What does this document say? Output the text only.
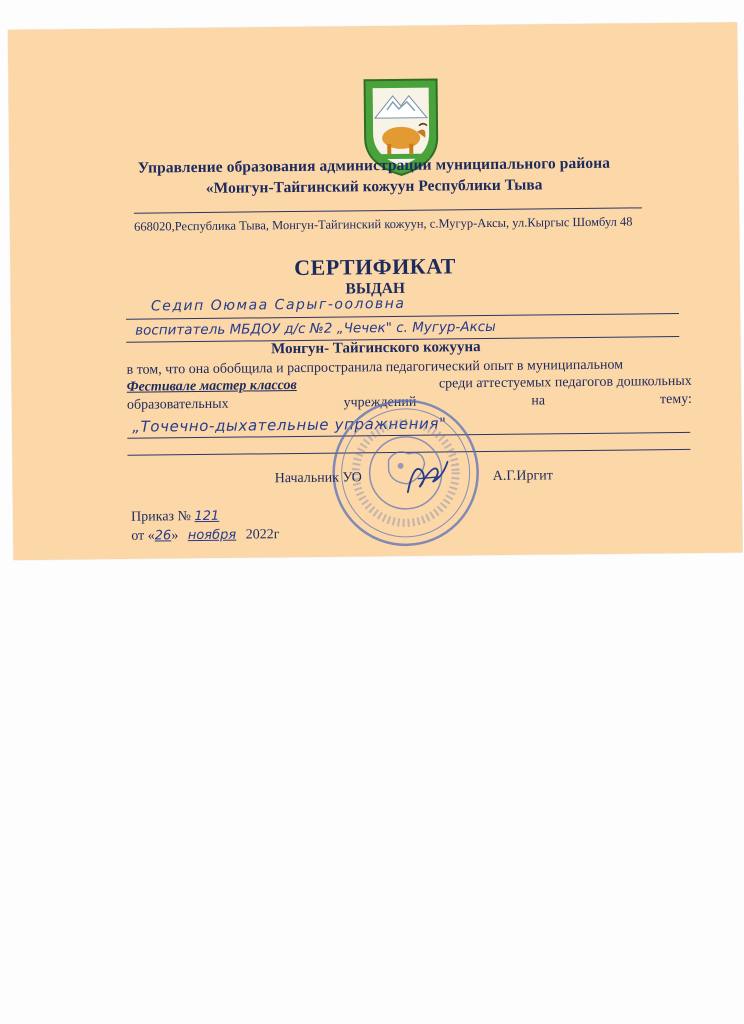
Управление образования администрации муниципального района
«Монгун-Тайгинский кожуун Республики Тыва
668020,Республика Тыва, Монгун-Тайгинский кожуун, с.Мугур-Аксы, ул.Кыргыс Шомбул 48
СЕРТИФИКАТ
ВЫДАН
Седип Оюмаа Сарыг-ооловна
воспитатель МБДОУ д/с №2 „Чечек" с. Мугур-Аксы
Монгун- Тайгинского кожууна
в том, что она обобщила и распространила педагогический опыт в муниципальном
Фестивале мастер классов	среди аттестуемых педагогов дошкольных
образовательных	учреждений	на	тему:
„Точечно-дыхательные упражнения"
Начальник УО	А.Г.Иргит
Приказ № 121
от «26» ноября 2022г
